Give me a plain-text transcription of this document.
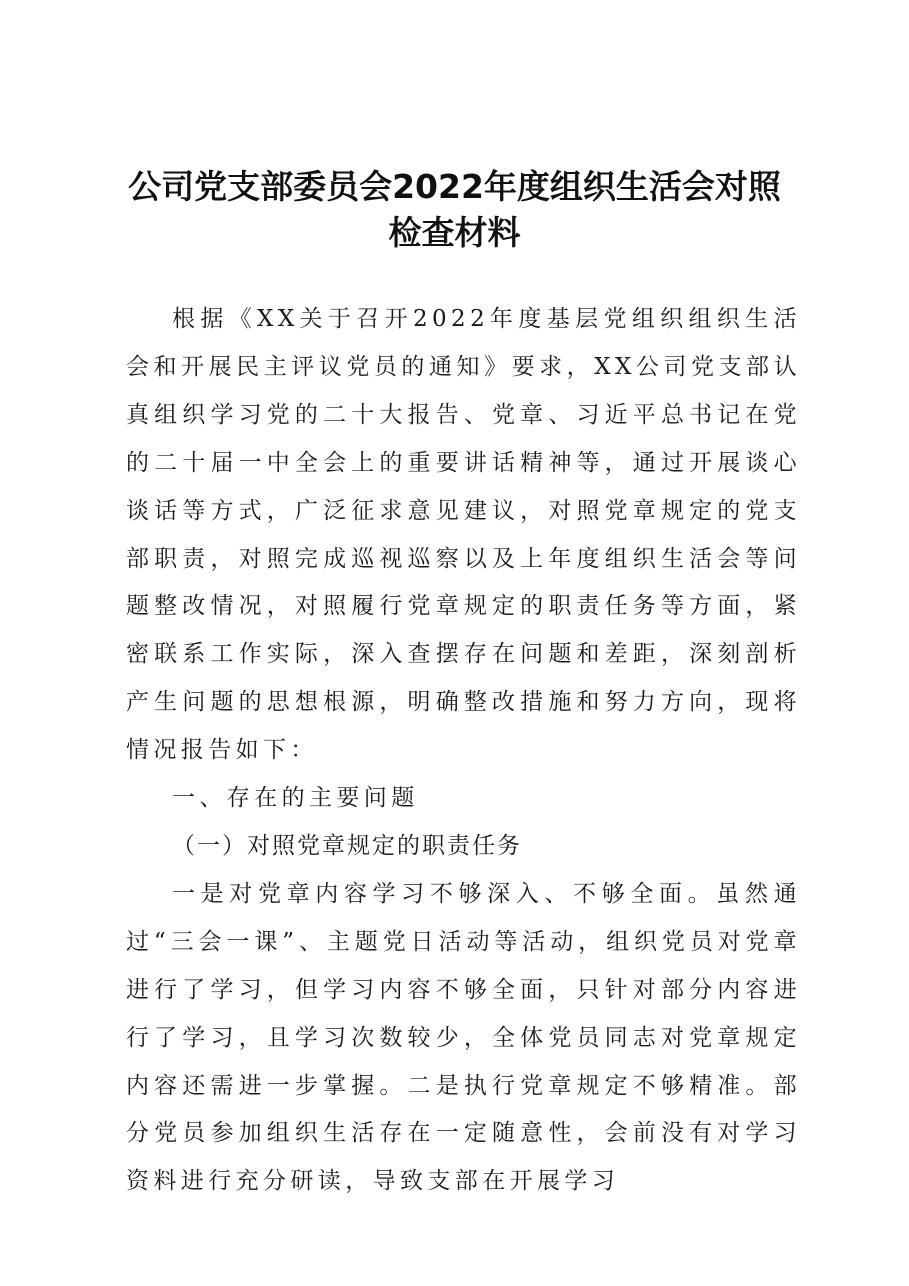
公司党支部委员会2022年度组织生活会对照
检查材料

根据《XX关于召开2022年度基层党组织组织生活会和开展民主评议党员的通知》要求，XX公司党支部认真组织学习党的二十大报告、党章、习近平总书记在党的二十届一中全会上的重要讲话精神等，通过开展谈心谈话等方式，广泛征求意见建议，对照党章规定的党支部职责，对照完成巡视巡察以及上年度组织生活会等问题整改情况，对照履行党章规定的职责任务等方面，紧密联系工作实际，深入查摆存在问题和差距，深刻剖析产生问题的思想根源，明确整改措施和努力方向，现将情况报告如下：

一、存在的主要问题

（一）对照党章规定的职责任务

一是对党章内容学习不够深入、不够全面。虽然通过“三会一课”、主题党日活动等活动，组织党员对党章进行了学习，但学习内容不够全面，只针对部分内容进行了学习，且学习次数较少，全体党员同志对党章规定内容还需进一步掌握。二是执行党章规定不够精准。部分党员参加组织生活存在一定随意性，会前没有对学习资料进行充分研读，导致支部在开展学习
